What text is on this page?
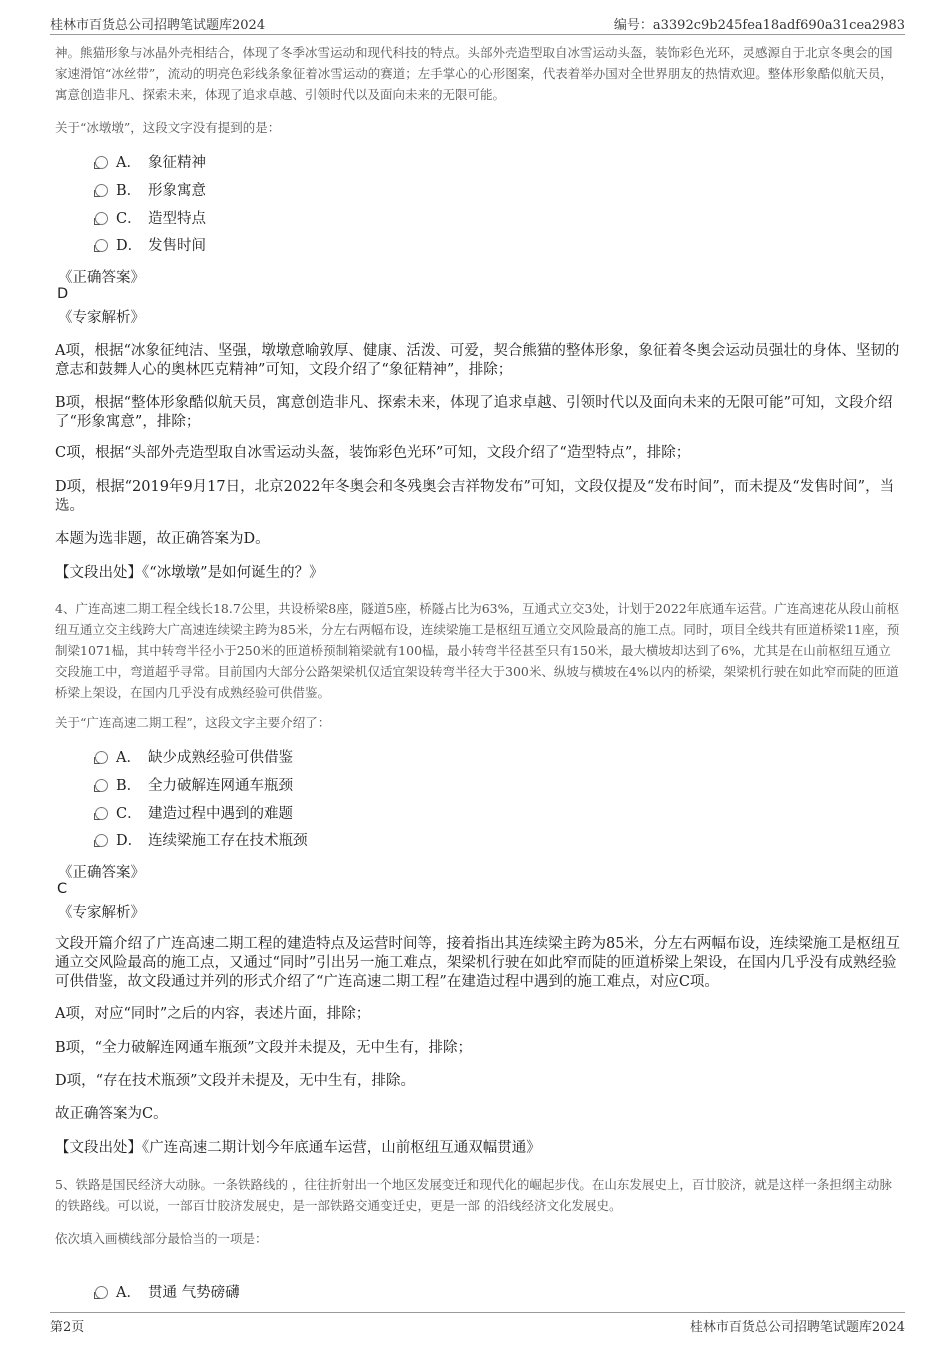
桂林市百货总公司招聘笔试题库2024	编号：a3392c9b245fea18adf690a31cea2983
神。熊猫形象与冰晶外壳相结合，体现了冬季冰雪运动和现代科技的特点。头部外壳造型取自冰雪运动头盔，装饰彩色光环，灵感源自于北京冬奥会的国家速滑馆“冰丝带”，流动的明亮色彩线条象征着冰雪运动的赛道；左手掌心的心形图案，代表着举办国对全世界朋友的热情欢迎。整体形象酷似航天员，寓意创造非凡、探索未来，体现了追求卓越、引领时代以及面向未来的无限可能。
关于“冰墩墩”，这段文字没有提到的是：
A． 象征精神
B． 形象寓意
C． 造型特点
D． 发售时间
《正确答案》
D
《专家解析》
A项，根据“冰象征纯洁、坚强，墩墩意喻敦厚、健康、活泼、可爱，契合熊猫的整体形象，象征着冬奥会运动员强壮的身体、坚韧的意志和鼓舞人心的奥林匹克精神”可知，文段介绍了“象征精神”，排除；
B项，根据“整体形象酷似航天员，寓意创造非凡、探索未来，体现了追求卓越、引领时代以及面向未来的无限可能”可知，文段介绍了“形象寓意”，排除；
C项，根据“头部外壳造型取自冰雪运动头盔，装饰彩色光环”可知，文段介绍了“造型特点”，排除；
D项，根据“2019年9月17日，北京2022年冬奥会和冬残奥会吉祥物发布”可知，文段仅提及“发布时间”，而未提及“发售时间”，当选。
本题为选非题，故正确答案为D。
【文段出处】《“冰墩墩”是如何诞生的？》
4、广连高速二期工程全线长18.7公里，共设桥梁8座，隧道5座，桥隧占比为63%，互通式立交3处，计划于2022年底通车运营。广连高速花从段山前枢纽互通立交主线跨大广高速连续梁主跨为85米，分左右两幅布设，连续梁施工是枢纽互通立交风险最高的施工点。同时，项目全线共有匝道桥梁11座，预制梁1071榀，其中转弯半径小于250米的匝道桥预制箱梁就有100榀，最小转弯半径甚至只有150米，最大横坡却达到了6%，尤其是在山前枢纽互通立交段施工中，弯道超乎寻常。目前国内大部分公路架梁机仅适宜架设转弯半径大于300米、纵坡与横坡在4%以内的桥梁，架梁机行驶在如此窄而陡的匝道桥梁上架设，在国内几乎没有成熟经验可供借鉴。
关于“广连高速二期工程”，这段文字主要介绍了：
A． 缺少成熟经验可供借鉴
B． 全力破解连网通车瓶颈
C． 建造过程中遇到的难题
D． 连续梁施工存在技术瓶颈
《正确答案》
C
《专家解析》
文段开篇介绍了广连高速二期工程的建造特点及运营时间等，接着指出其连续梁主跨为85米，分左右两幅布设，连续梁施工是枢纽互通立交风险最高的施工点，又通过“同时”引出另一施工难点，架梁机行驶在如此窄而陡的匝道桥梁上架设，在国内几乎没有成熟经验可供借鉴，故文段通过并列的形式介绍了“广连高速二期工程”在建造过程中遇到的施工难点，对应C项。
A项，对应“同时”之后的内容，表述片面，排除；
B项，“全力破解连网通车瓶颈”文段并未提及，无中生有，排除；
D项，“存在技术瓶颈”文段并未提及，无中生有，排除。
故正确答案为C。
【文段出处】《广连高速二期计划今年底通车运营，山前枢纽互通双幅贯通》
5、铁路是国民经济大动脉。一条铁路线的 ，往往折射出一个地区发展变迁和现代化的崛起步伐。在山东发展史上，百廿胶济，就是这样一条担纲主动脉的铁路线。可以说，一部百廿胶济发展史，是一部铁路交通变迁史，更是一部 的沿线经济文化发展史。
依次填入画横线部分最恰当的一项是：
A． 贯通 气势磅礴
第2页	桂林市百货总公司招聘笔试题库2024
